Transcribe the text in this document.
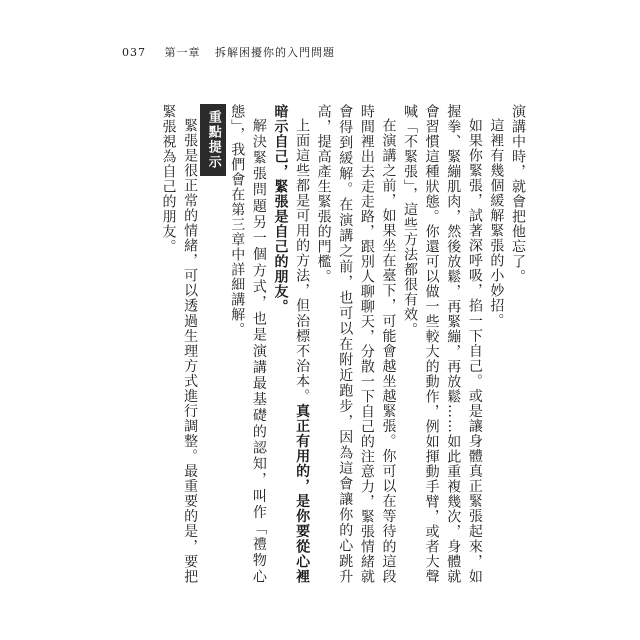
037 第一章 拆解困擾你的入門問題

演講中時，就會把他忘了。

這裡有幾個緩解緊張的小妙招。

如果你緊張，試著深呼吸，掐一下自己。或是讓身體真正緊張起來，如握拳、緊繃肌肉，然後放鬆，再緊繃，再放鬆……如此重複幾次，身體就會習慣這種狀態。你還可以做一些較大的動作，例如揮動手臂，或者大聲喊「不緊張」，這些方法都很有效。

在演講之前，如果坐在臺下，可能會越坐越緊張。你可以在等待的這段時間裡出去走走路，跟別人聊聊天，分散一下自己的注意力，緊張情緒就會得到緩解。在演講之前，也可以在附近跑步，因為這會讓你的心跳升高，提高產生緊張的門檻。

上面這些都是可用的方法，但治標不治本。真正有用的，是你要從心裡暗示自己，緊張是自己的朋友。

解決緊張問題另一個方式，也是演講最基礎的認知，叫作「禮物心態」，我們會在第三章中詳細講解。

重點提示

緊張是很正常的情緒，可以透過生理方式進行調整。最重要的是，要把緊張視為自己的朋友。
